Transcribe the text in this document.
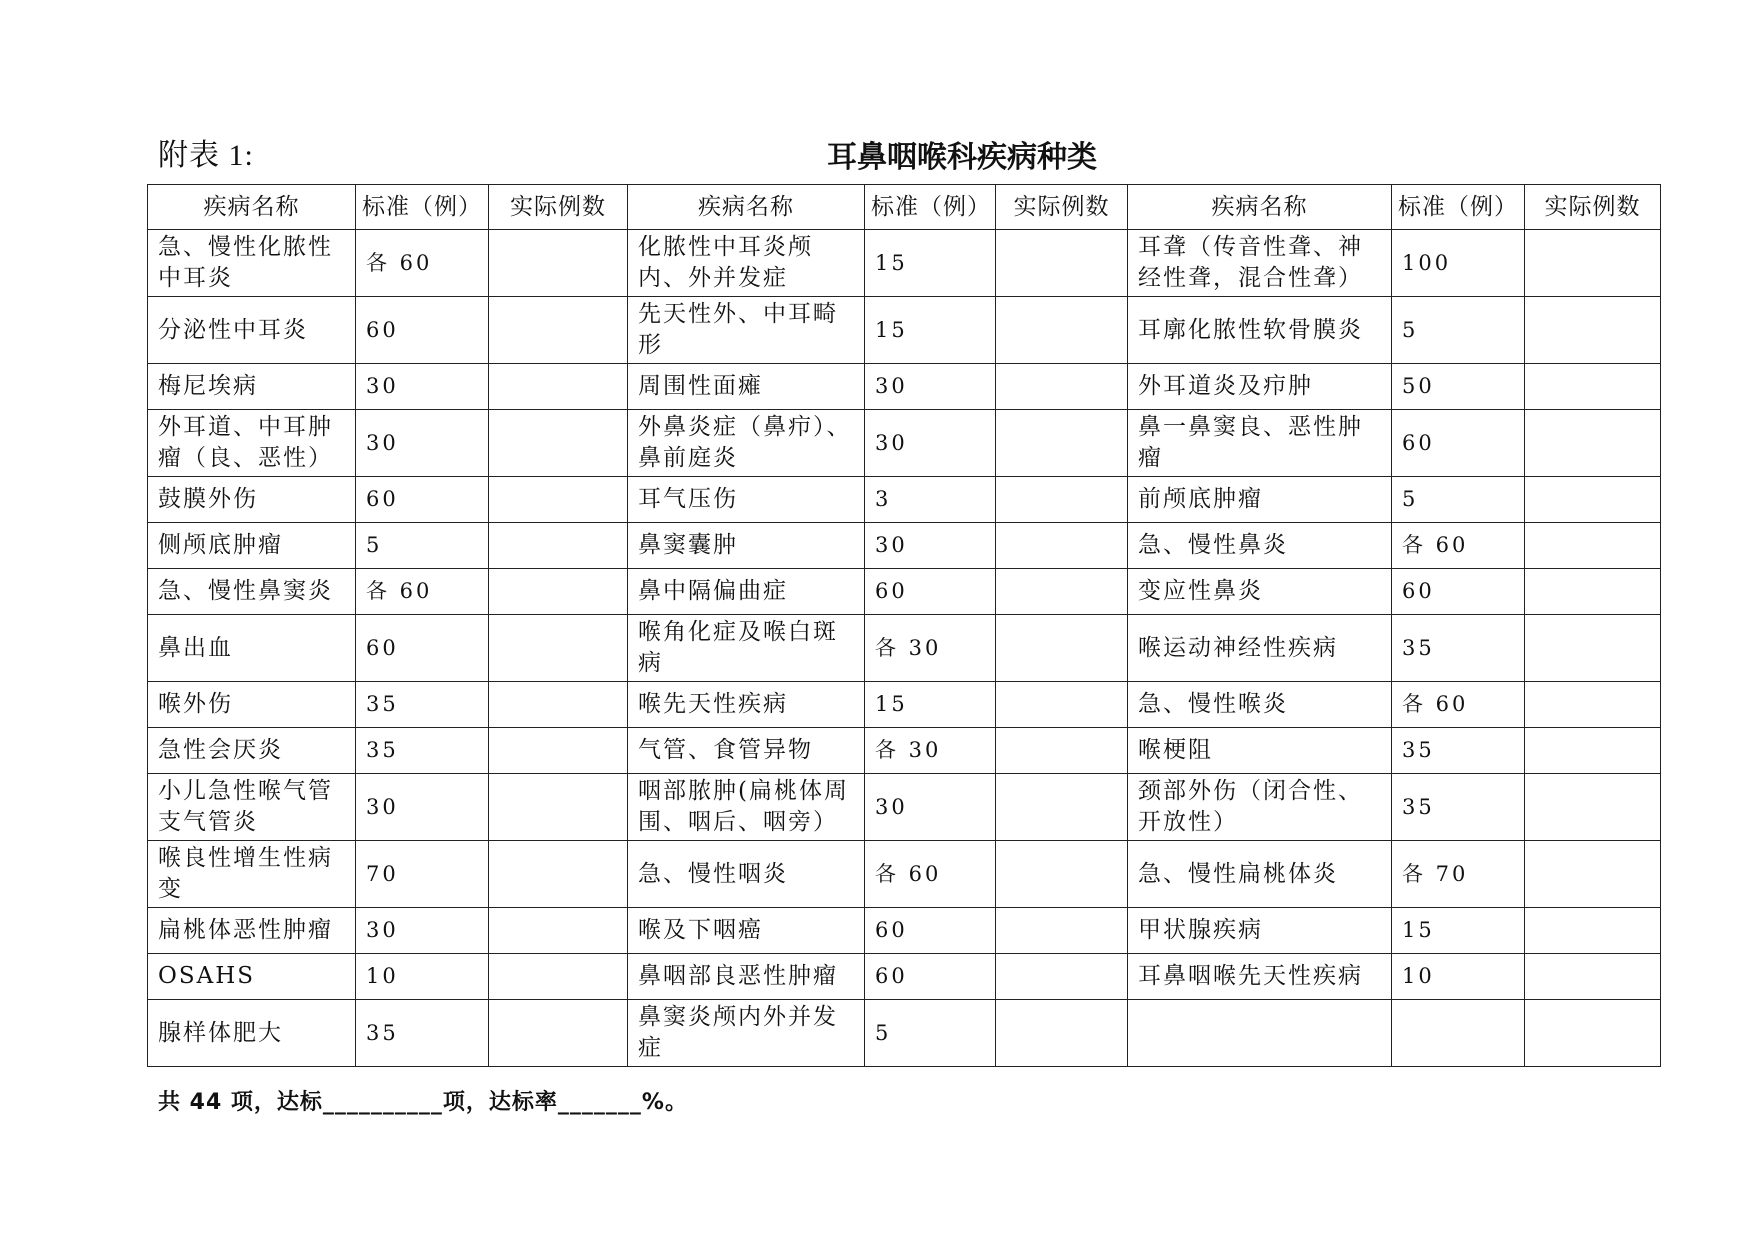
附表 1:	耳鼻咽喉科疾病种类
疾病名称	标准（例）	实际例数	疾病名称	标准（例）	实际例数	疾病名称	标准（例）	实际例数
急、慢性化脓性中耳炎	各 60		化脓性中耳炎颅内、外并发症	15		耳聋（传音性聋、神经性聋，混合性聋）	100	
分泌性中耳炎	60		先天性外、中耳畸形	15		耳廓化脓性软骨膜炎	5	
梅尼埃病	30		周围性面瘫	30		外耳道炎及疖肿	50	
外耳道、中耳肿瘤（良、恶性）	30		外鼻炎症（鼻疖）、鼻前庭炎	30		鼻一鼻窦良、恶性肿瘤	60	
鼓膜外伤	60		耳气压伤	3		前颅底肿瘤	5	
侧颅底肿瘤	5		鼻窦囊肿	30		急、慢性鼻炎	各 60	
急、慢性鼻窦炎	各 60		鼻中隔偏曲症	60		变应性鼻炎	60	
鼻出血	60		喉角化症及喉白斑病	各 30		喉运动神经性疾病	35	
喉外伤	35		喉先天性疾病	15		急、慢性喉炎	各 60	
急性会厌炎	35		气管、食管异物	各 30		喉梗阻	35	
小儿急性喉气管支气管炎	30		咽部脓肿(扁桃体周围、咽后、咽旁）	30		颈部外伤（闭合性、开放性）	35	
喉良性增生性病变	70		急、慢性咽炎	各 60		急、慢性扁桃体炎	各 70	
扁桃体恶性肿瘤	30		喉及下咽癌	60		甲状腺疾病	15	
OSAHS	10		鼻咽部良恶性肿瘤	60		耳鼻咽喉先天性疾病	10	
腺样体肥大	35		鼻窦炎颅内外并发症	5				
共 44 项，达标__________项，达标率_______%。
